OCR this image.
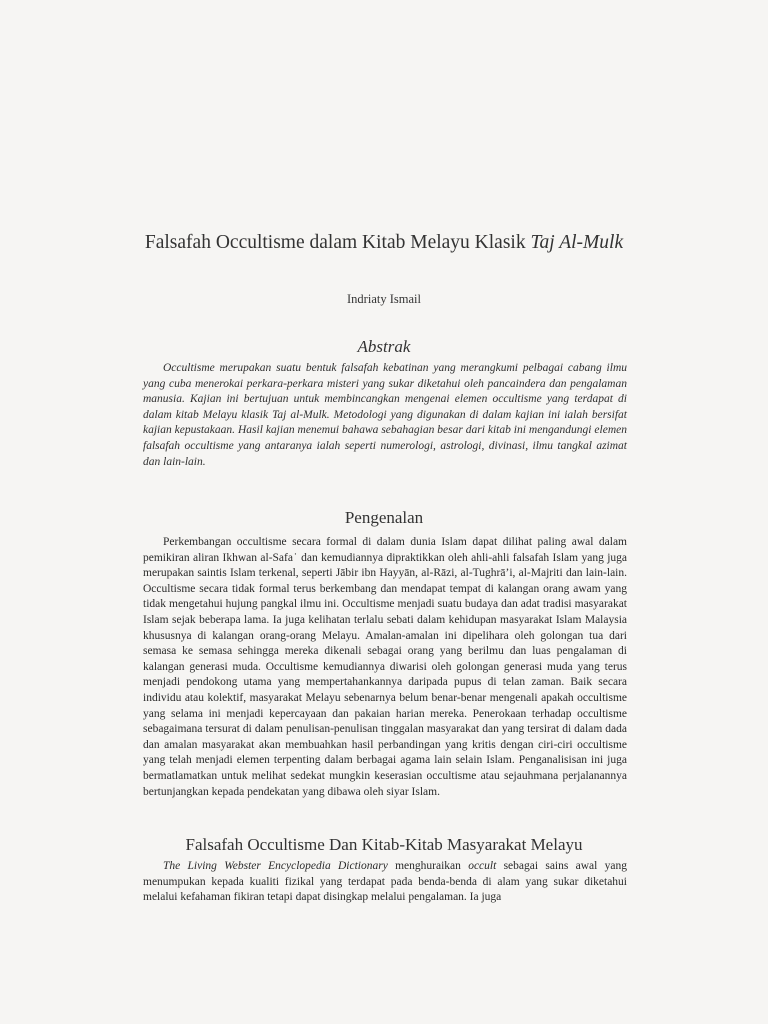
Falsafah Occultisme dalam Kitab Melayu Klasik Taj Al-Mulk
Indriaty Ismail
Abstrak
Occultisme merupakan suatu bentuk falsafah kebatinan yang merangkumi pelbagai cabang ilmu yang cuba menerokai perkara-perkara misteri yang sukar diketahui oleh pancaindera dan pengalaman manusia. Kajian ini bertujuan untuk membincangkan mengenai elemen occultisme yang terdapat di dalam kitab Melayu klasik Taj al-Mulk. Metodologi yang digunakan di dalam kajian ini ialah bersifat kajian kepustakaan. Hasil kajian menemui bahawa sebahagian besar dari kitab ini mengandungi elemen falsafah occultisme yang antaranya ialah seperti numerologi, astrologi, divinasi, ilmu tangkal azimat dan lain-lain.
Pengenalan
Perkembangan occultisme secara formal di dalam dunia Islam dapat dilihat paling awal dalam pemikiran aliran Ikhwan al-Safa˙ dan kemudiannya dipraktikkan oleh ahli-ahli falsafah Islam yang juga merupakan saintis Islam terkenal, seperti Jābir ibn Hayyān, al-Rāzi, al-Tughrā’i, al-Majriti dan lain-lain. Occultisme secara tidak formal terus berkembang dan mendapat tempat di kalangan orang awam yang tidak mengetahui hujung pangkal ilmu ini. Occultisme menjadi suatu budaya dan adat tradisi masyarakat Islam sejak beberapa lama. Ia juga kelihatan terlalu sebati dalam kehidupan masyarakat Islam Malaysia khususnya di kalangan orang-orang Melayu. Amalan-amalan ini dipelihara oleh golongan tua dari semasa ke semasa sehingga mereka dikenali sebagai orang yang berilmu dan luas pengalaman di kalangan generasi muda. Occultisme kemudiannya diwarisi oleh golongan generasi muda yang terus menjadi pendokong utama yang mempertahankannya daripada pupus di telan zaman. Baik secara individu atau kolektif, masyarakat Melayu sebenarnya belum benar-benar mengenali apakah occultisme yang selama ini menjadi kepercayaan dan pakaian harian mereka. Penerokaan terhadap occultisme sebagaimana tersurat di dalam penulisan-penulisan tinggalan masyarakat dan yang tersirat di dalam dada dan amalan masyarakat akan membuahkan hasil perbandingan yang kritis dengan ciri-ciri occultisme yang telah menjadi elemen terpenting dalam berbagai agama lain selain Islam. Penganalisisan ini juga bermatlamatkan untuk melihat sedekat mungkin keserasian occultisme atau sejauhmana perjalanannya bertunjangkan kepada pendekatan yang dibawa oleh siyar Islam.
Falsafah Occultisme Dan Kitab-Kitab Masyarakat Melayu
The Living Webster Encyclopedia Dictionary menghuraikan occult sebagai sains awal yang menumpukan kepada kualiti fizikal yang terdapat pada benda-benda di alam yang sukar diketahui melalui kefahaman fikiran tetapi dapat disingkap melalui pengalaman. Ia juga
